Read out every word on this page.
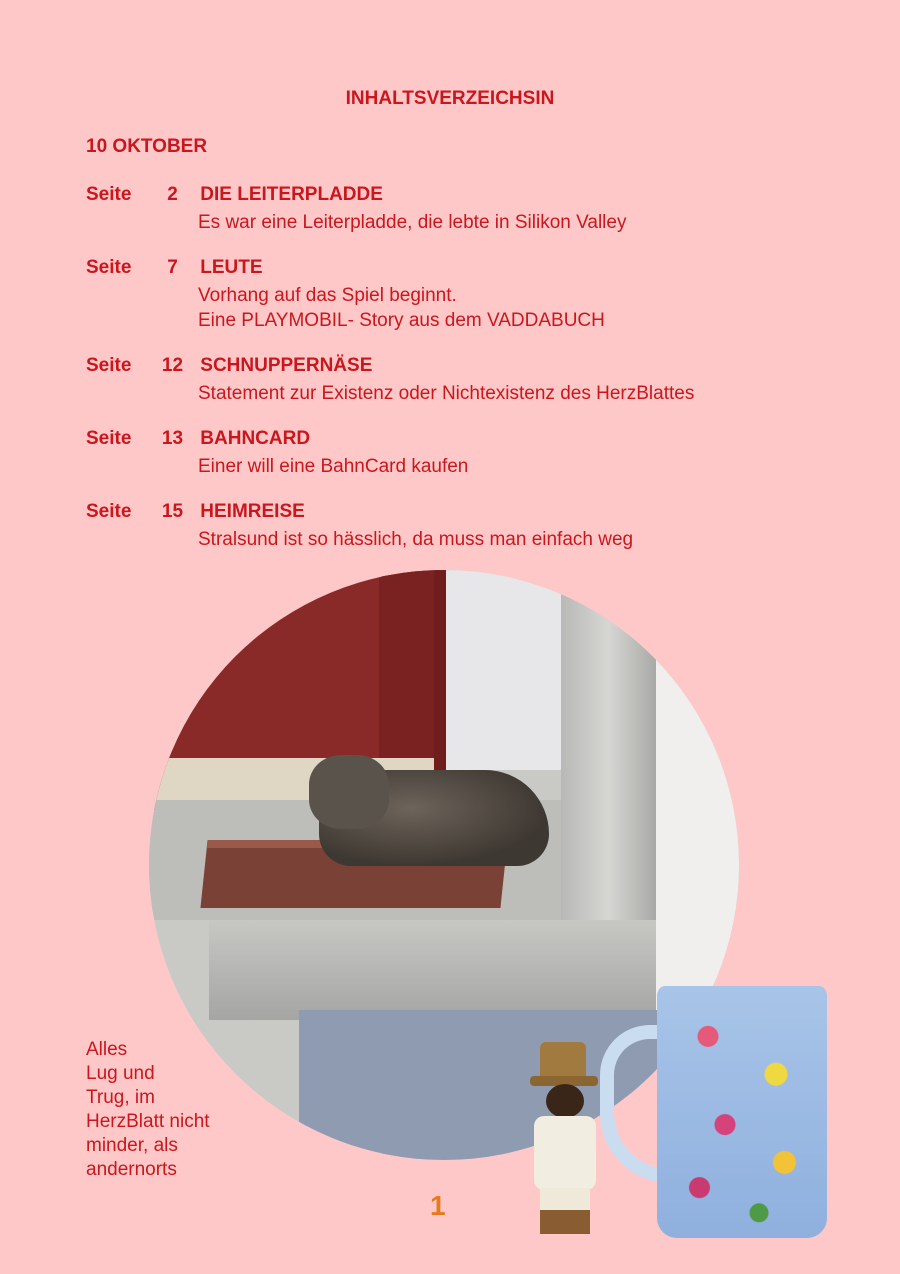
INHALTSVERZEICHSIN
10 OKTOBER
Seite 2 DIE LEITERPLADDE
Es war eine Leiterpladde, die lebte in Silikon Valley
Seite 7 LEUTE
Vorhang auf das Spiel beginnt.
Eine PLAYMOBIL- Story aus dem VADDABUCH
Seite 12 SCHNUPPERNÄSE
Statement zur Existenz oder Nichtexistenz des HerzBlattes
Seite 13 BAHNCARD
Einer will eine BahnCard kaufen
Seite 15 HEIMREISE
Stralsund ist so hässlich, da muss man einfach weg
Alles
Lug und
Trug, im
HerzBlatt nicht
minder, als
andernorts
1
